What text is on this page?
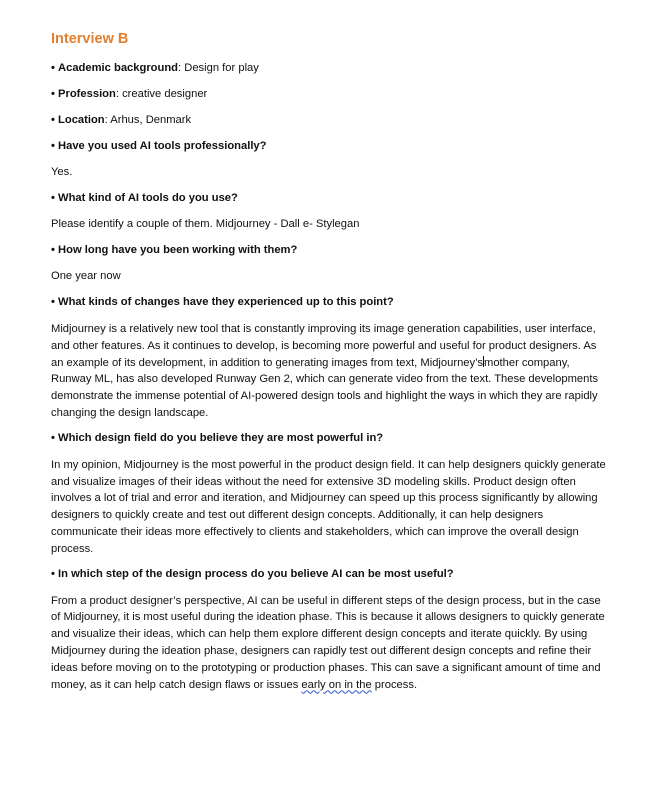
Interview B
• Academic background: Design for play
• Profession: creative designer
• Location: Arhus, Denmark
• Have you used AI tools professionally?
Yes.
• What kind of AI tools do you use?
Please identify a couple of them. Midjourney - Dall e- Stylegan
• How long have you been working with them?
One year now
• What kinds of changes have they experienced up to this point?
Midjourney is a relatively new tool that is constantly improving its image generation capabilities, user interface, and other features. As it continues to develop, is becoming more powerful and useful for product designers. As an example of its development, in addition to generating images from text, Midjourney’smother company, Runway ML, has also developed Runway Gen 2, which can generate video from the text. These developments demonstrate the immense potential of AI-powered design tools and highlight the ways in which they are rapidly changing the design landscape.
• Which design field do you believe they are most powerful in?
In my opinion, Midjourney is the most powerful in the product design field. It can help designers quickly generate and visualize images of their ideas without the need for extensive 3D modeling skills. Product design often involves a lot of trial and error and iteration, and Midjourney can speed up this process significantly by allowing designers to quickly create and test out different design concepts. Additionally, it can help designers communicate their ideas more effectively to clients and stakeholders, which can improve the overall design process.
• In which step of the design process do you believe AI can be most useful?
From a product designer’s perspective, AI can be useful in different steps of the design process, but in the case of Midjourney, it is most useful during the ideation phase. This is because it allows designers to quickly generate and visualize their ideas, which can help them explore different design concepts and iterate quickly. By using Midjourney during the ideation phase, designers can rapidly test out different design concepts and refine their ideas before moving on to the prototyping or production phases. This can save a significant amount of time and money, as it can help catch design flaws or issues early on in the process.
